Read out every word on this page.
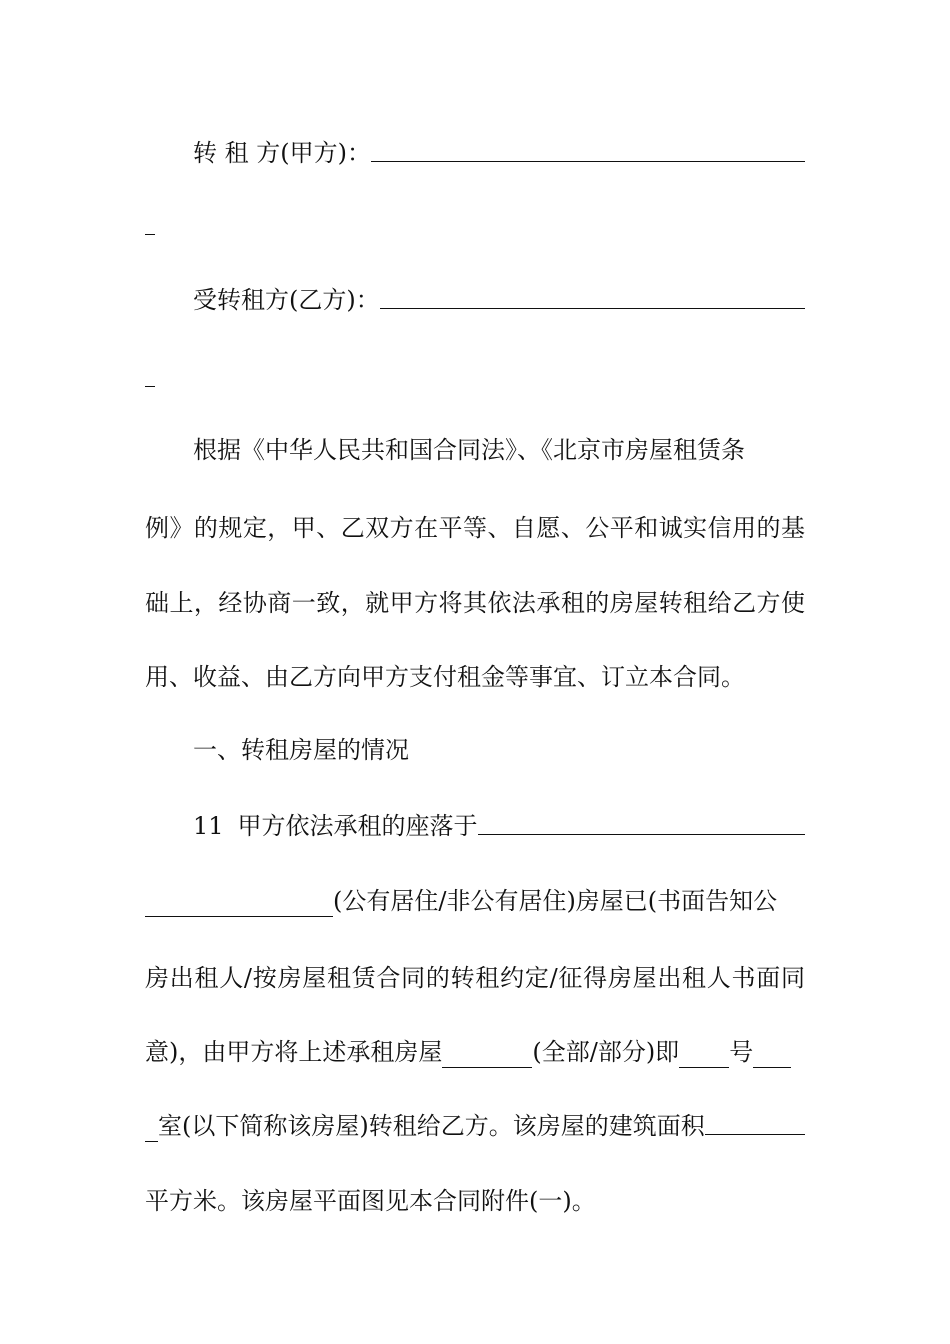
转 租 方(甲方)：
受转租方(乙方)：
根据《中华人民共和国合同法》、《北京市房屋租赁条
例》的规定，甲、乙双方在平等、自愿、公平和诚实信用的基
础上，经协商一致，就甲方将其依法承租的房屋转租给乙方使
用、收益、由乙方向甲方支付租金等事宜、订立本合同。
一、转租房屋的情况
11 甲方依法承租的座落于
(公有居住/非公有居住)房屋已(书面告知公
房出租人/按房屋租赁合同的转租约定/征得房屋出租人书面同
意)，由甲方将上述承租房屋	(全部/部分)即 号
室(以下简称该房屋)转租给乙方。该房屋的建筑面积
平方米。该房屋平面图见本合同附件(一)。
